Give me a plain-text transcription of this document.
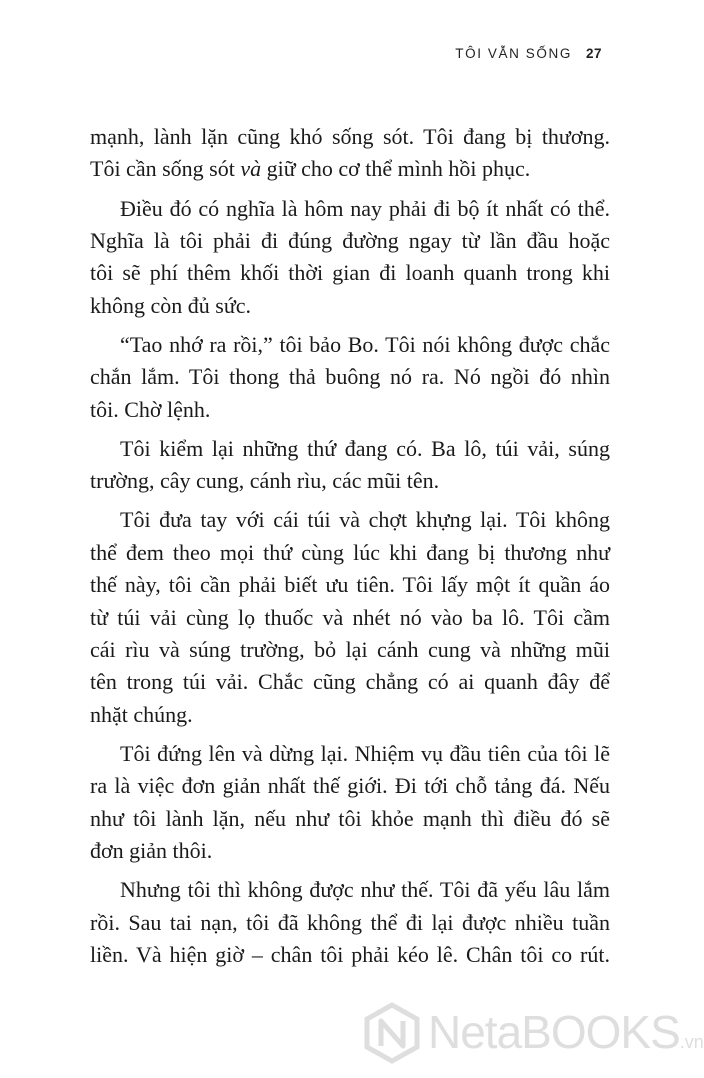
TÔI VẪN SỐNG 27
mạnh, lành lặn cũng khó sống sót. Tôi đang bị thương.
Tôi cần sống sót và giữ cho cơ thể mình hồi phục.
Điều đó có nghĩa là hôm nay phải đi bộ ít nhất có thể.
Nghĩa là tôi phải đi đúng đường ngay từ lần đầu hoặc
tôi sẽ phí thêm khối thời gian đi loanh quanh trong khi
không còn đủ sức.
“Tao nhớ ra rồi,” tôi bảo Bo. Tôi nói không được chắc
chắn lắm. Tôi thong thả buông nó ra. Nó ngồi đó nhìn
tôi. Chờ lệnh.
Tôi kiểm lại những thứ đang có. Ba lô, túi vải, súng
trường, cây cung, cánh rìu, các mũi tên.
Tôi đưa tay với cái túi và chợt khựng lại. Tôi không
thể đem theo mọi thứ cùng lúc khi đang bị thương như
thế này, tôi cần phải biết ưu tiên. Tôi lấy một ít quần áo
từ túi vải cùng lọ thuốc và nhét nó vào ba lô. Tôi cầm
cái rìu và súng trường, bỏ lại cánh cung và những mũi
tên trong túi vải. Chắc cũng chẳng có ai quanh đây để
nhặt chúng.
Tôi đứng lên và dừng lại. Nhiệm vụ đầu tiên của tôi lẽ
ra là việc đơn giản nhất thế giới. Đi tới chỗ tảng đá. Nếu
như tôi lành lặn, nếu như tôi khỏe mạnh thì điều đó sẽ
đơn giản thôi.
Nhưng tôi thì không được như thế. Tôi đã yếu lâu lắm
rồi. Sau tai nạn, tôi đã không thể đi lại được nhiều tuần
liền. Và hiện giờ – chân tôi phải kéo lê. Chân tôi co rút.
NetaBOOKS.vn
